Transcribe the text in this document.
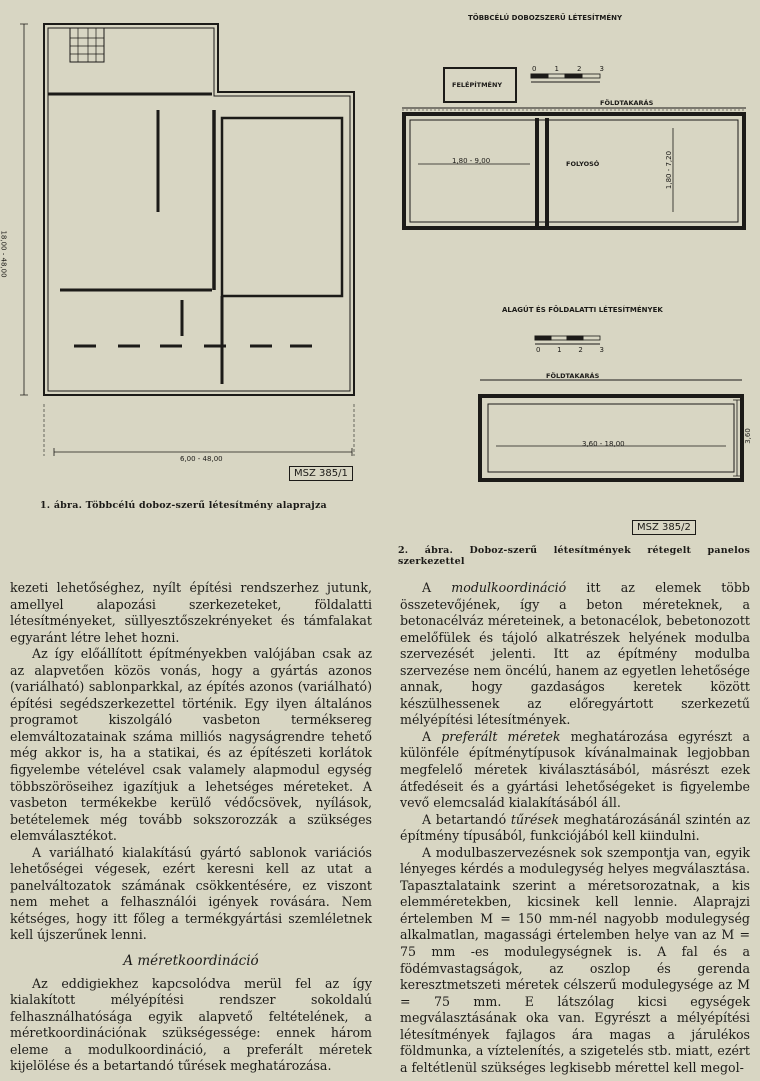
18,00 - 48,00
6,00 - 48,00
MSZ 385/1
1. ábra. Többcélú doboz-szerű létesítmény alaprajza
TÖBBCÉLÚ DOBOZSZERŰ LÉTESÍTMÉNY
0	1	2	3
FELÉPÍTMÉNY
FÖLDTAKARÁS
FOLYOSÓ
1,80 - 9,00	1,80 - 7,20
ALAGÚT ÉS FÖLDALATTI LÉTESÍTMÉNYEK
0 1 2 3
FÖLDTAKARÁS
3,60 - 18,00
3,60
MSZ 385/2
2. ábra. Doboz-szerű létesítmények rétegelt panelos szerkezettel

kezeti lehetőséghez, nyílt építési rendszerhez jutunk, amellyel alapozási szerkezeteket, földalatti létesítményeket, süllyesztőszekrényeket és támfalakat egyaránt létre lehet hozni.

Az így előállított építményekben valójában csak az az alapvetően közös vonás, hogy a gyártás azonos (variálható) sablonparkkal, az építés azonos (variálható) építési segédszerkezettel történik. Egy ilyen általános programot kiszolgáló vasbeton terméksereg elemváltozatainak száma milliós nagyságrendre tehető még akkor is, ha a statikai, és az építészeti korlátok figyelembe vételével csak valamely alapmodul egység többszöröseihez igazítjuk a lehetséges méreteket. A vasbeton termékekbe kerülő védőcsövek, nyílások, betételemek még tovább sokszorozzák a szükséges elemválasztékot.

A variálható kialakítású gyártó sablonok variációs lehetőségei végesek, ezért keresni kell az utat a panelváltozatok számának csökkentésére, ez viszont nem mehet a felhasználói igények rovására. Nem kétséges, hogy itt főleg a termékgyártási szemléletnek kell újszerűnek lenni.

A méretkoordináció

Az eddigiekhez kapcsolódva merül fel az így kialakított mélyépítési rendszer sokoldalú felhasználhatósága egyik alapvető feltételének, a méretkoordinációnak szükségessége: ennek három eleme a modulkoordináció, a preferált méretek kijelölése és a betartandó tűrések meghatározása.

A modulkoordináció itt az elemek több összetevőjének, így a beton méreteknek, a betonacélváz méreteinek, a betonacélok, bebetonozott emelőfülek és tájoló alkatrészek helyének modulba szervezését jelenti. Itt az építmény modulba szervezése nem öncélú, hanem az egyetlen lehetősége annak, hogy gazdaságos keretek között készülhessenek az előregyártott szerkezetű mélyépítési létesítmények.

A preferált méretek meghatározása egyrészt a különféle építménytípusok kívánalmainak legjobban megfelelő méretek kiválasztásából, másrészt ezek átfedéseit és a gyártási lehetőségeket is figyelembe vevő elemcsalád kialakításából áll.

A betartandó tűrések meghatározásánál szintén az építmény típusából, funkciójából kell kiindulni.

A modulbaszervezésnek sok szempontja van, egyik lényeges kérdés a modulegység helyes megválasztása. Tapasztalataink szerint a méretsorozatnak, a kis elemméretekben, kicsinek kell lennie. Alaprajzi értelemben M = 150 mm-nél nagyobb modulegység alkalmatlan, magassági értelemben helye van az M = 75 mm -es modulegységnek is. A fal és a födémvastagságok, az oszlop és gerenda keresztmetszeti méretek célszerű modulegysége az M = 75 mm. E látszólag kicsi egységek megválasztásának oka van. Egyrészt a mélyépítési létesítmények fajlagos ára magas a járulékos földmunka, a víztelenítés, a szigetelés stb. miatt, ezért a feltétlenül szükséges legkisebb mérettel kell megol-
